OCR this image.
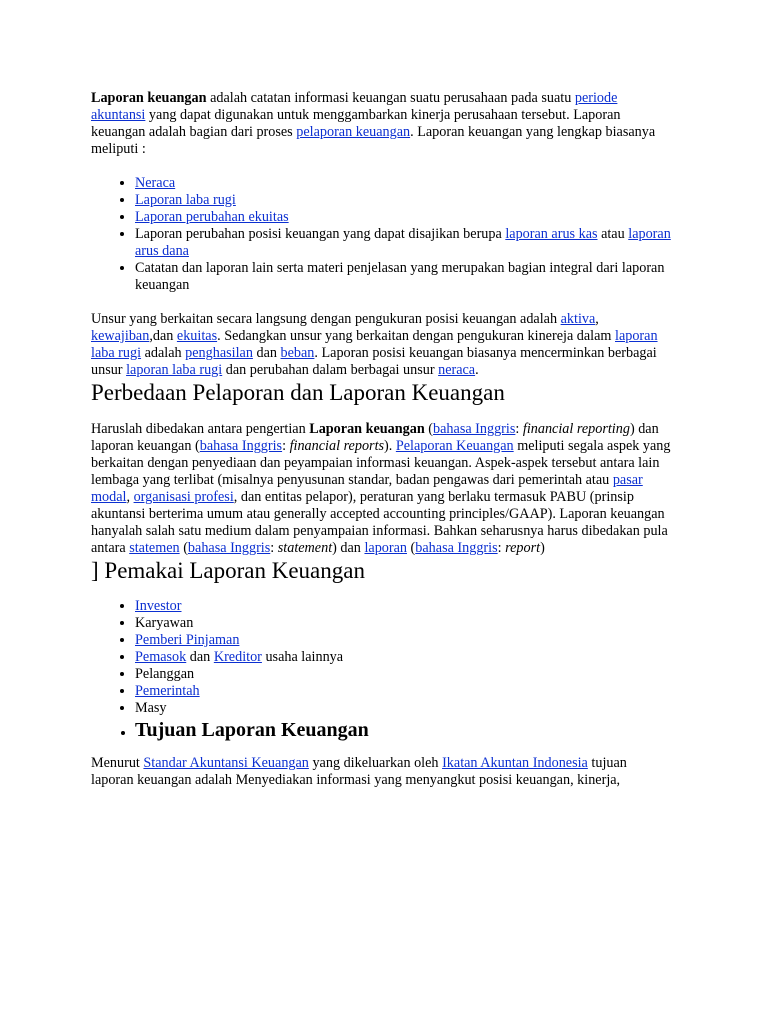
Laporan keuangan adalah catatan informasi keuangan suatu perusahaan pada suatu periode akuntansi yang dapat digunakan untuk menggambarkan kinerja perusahaan tersebut. Laporan keuangan adalah bagian dari proses pelaporan keuangan. Laporan keuangan yang lengkap biasanya meliputi :

• Neraca
• Laporan laba rugi
• Laporan perubahan ekuitas
• Laporan perubahan posisi keuangan yang dapat disajikan berupa laporan arus kas atau laporan arus dana
• Catatan dan laporan lain serta materi penjelasan yang merupakan bagian integral dari laporan keuangan

Unsur yang berkaitan secara langsung dengan pengukuran posisi keuangan adalah aktiva, kewajiban,dan ekuitas. Sedangkan unsur yang berkaitan dengan pengukuran kinereja dalam laporan laba rugi adalah penghasilan dan beban. Laporan posisi keuangan biasanya mencerminkan berbagai unsur laporan laba rugi dan perubahan dalam berbagai unsur neraca.

Perbedaan Pelaporan dan Laporan Keuangan

Haruslah dibedakan antara pengertian Laporan keuangan (bahasa Inggris: financial reporting) dan laporan keuangan (bahasa Inggris: financial reports). Pelaporan Keuangan meliputi segala aspek yang berkaitan dengan penyediaan dan peyampaian informasi keuangan. Aspek-aspek tersebut antara lain lembaga yang terlibat (misalnya penyusunan standar, badan pengawas dari pemerintah atau pasar modal, organisasi profesi, dan entitas pelapor), peraturan yang berlaku termasuk PABU (prinsip akuntansi berterima umum atau generally accepted accounting principles/GAAP). Laporan keuangan hanyalah salah satu medium dalam penyampaian informasi. Bahkan seharusnya harus dibedakan pula antara statemen (bahasa Inggris: statement) dan laporan (bahasa Inggris: report)

] Pemakai Laporan Keuangan
• Investor
• Karyawan
• Pemberi Pinjaman
• Pemasok dan Kreditor usaha lainnya
• Pelanggan
• Pemerintah
• Masy
• Tujuan Laporan Keuangan

Menurut Standar Akuntansi Keuangan yang dikeluarkan oleh Ikatan Akuntan Indonesia tujuan laporan keuangan adalah Menyediakan informasi yang menyangkut posisi keuangan, kinerja,
